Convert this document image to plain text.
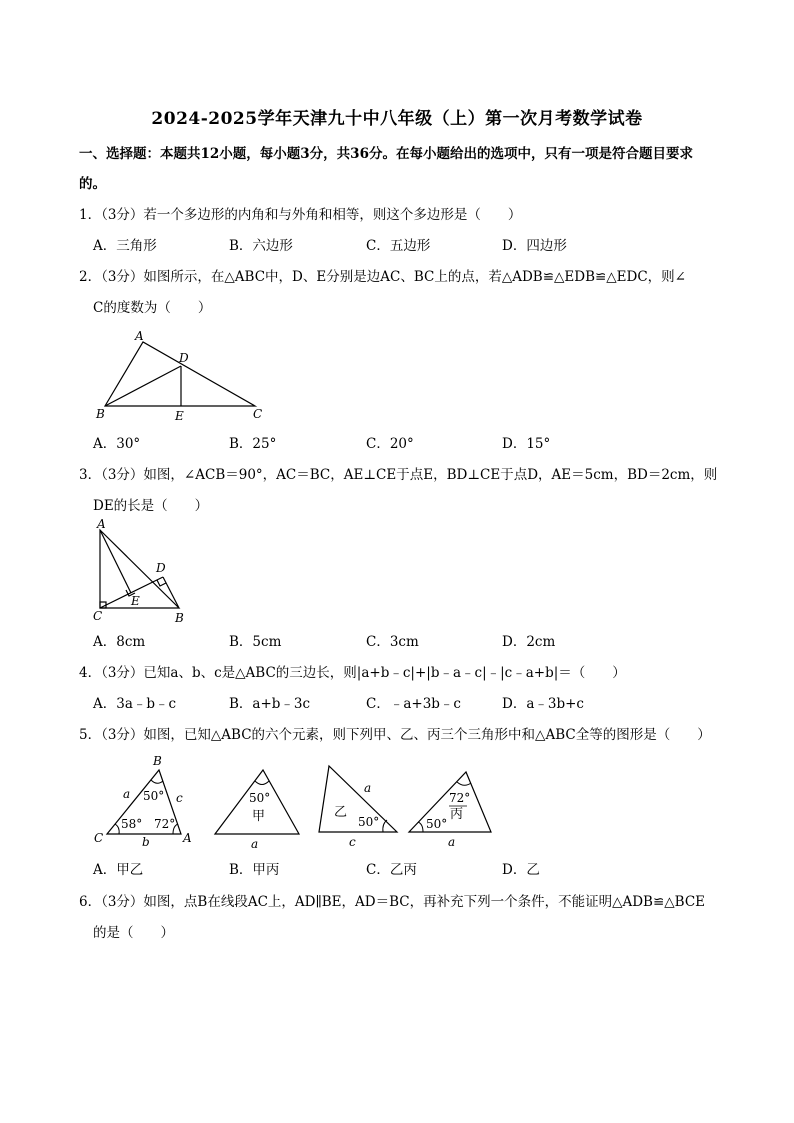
2024-2025学年天津九十中八年级（上）第一次月考数学试卷
一、选择题：本题共12小题，每小题3分，共36分。在每小题给出的选项中，只有一项是符合题目要求
的。
1．（3分）若一个多边形的内角和与外角和相等，则这个多边形是（　　）
A．三角形	B．六边形	C．五边形	D．四边形
2．（3分）如图所示，在△ABC中，D、E分别是边AC、BC上的点，若△ADB≌△EDB≌△EDC，则∠
C的度数为（　　）
A
D
B	E	C
A．30°	B．25°	C．20°	D．15°
3．（3分）如图，∠ACB＝90°，AC＝BC，AE⊥CE于点E，BD⊥CE于点D，AE＝5cm，BD＝2cm，则
DE的长是（　　）
A
C	B
D
E
A．8cm	B．5cm	C．3cm	D．2cm
4．（3分）已知a、b、c是△ABC的三边长，则|a+b﹣c|+|b﹣a﹣c|﹣|c﹣a+b|＝（　　）
A．3a﹣b﹣c	B．a+b﹣3c	C．﹣a+3b﹣c	D．a﹣3b+c
5．（3分）如图，已知△ABC的六个元素，则下列甲、乙、丙三个三角形中和△ABC全等的图形是（　　）
B
C	A
a	c
b
50°
58° 72°
50°
甲
a
乙
a
50°
c
72°
丙
50°
a
A．甲乙	B．甲丙	C．乙丙	D．乙
6．（3分）如图，点B在线段AC上，AD∥BE，AD＝BC，再补充下列一个条件，不能证明△ADB≌△BCE
的是（　　）
